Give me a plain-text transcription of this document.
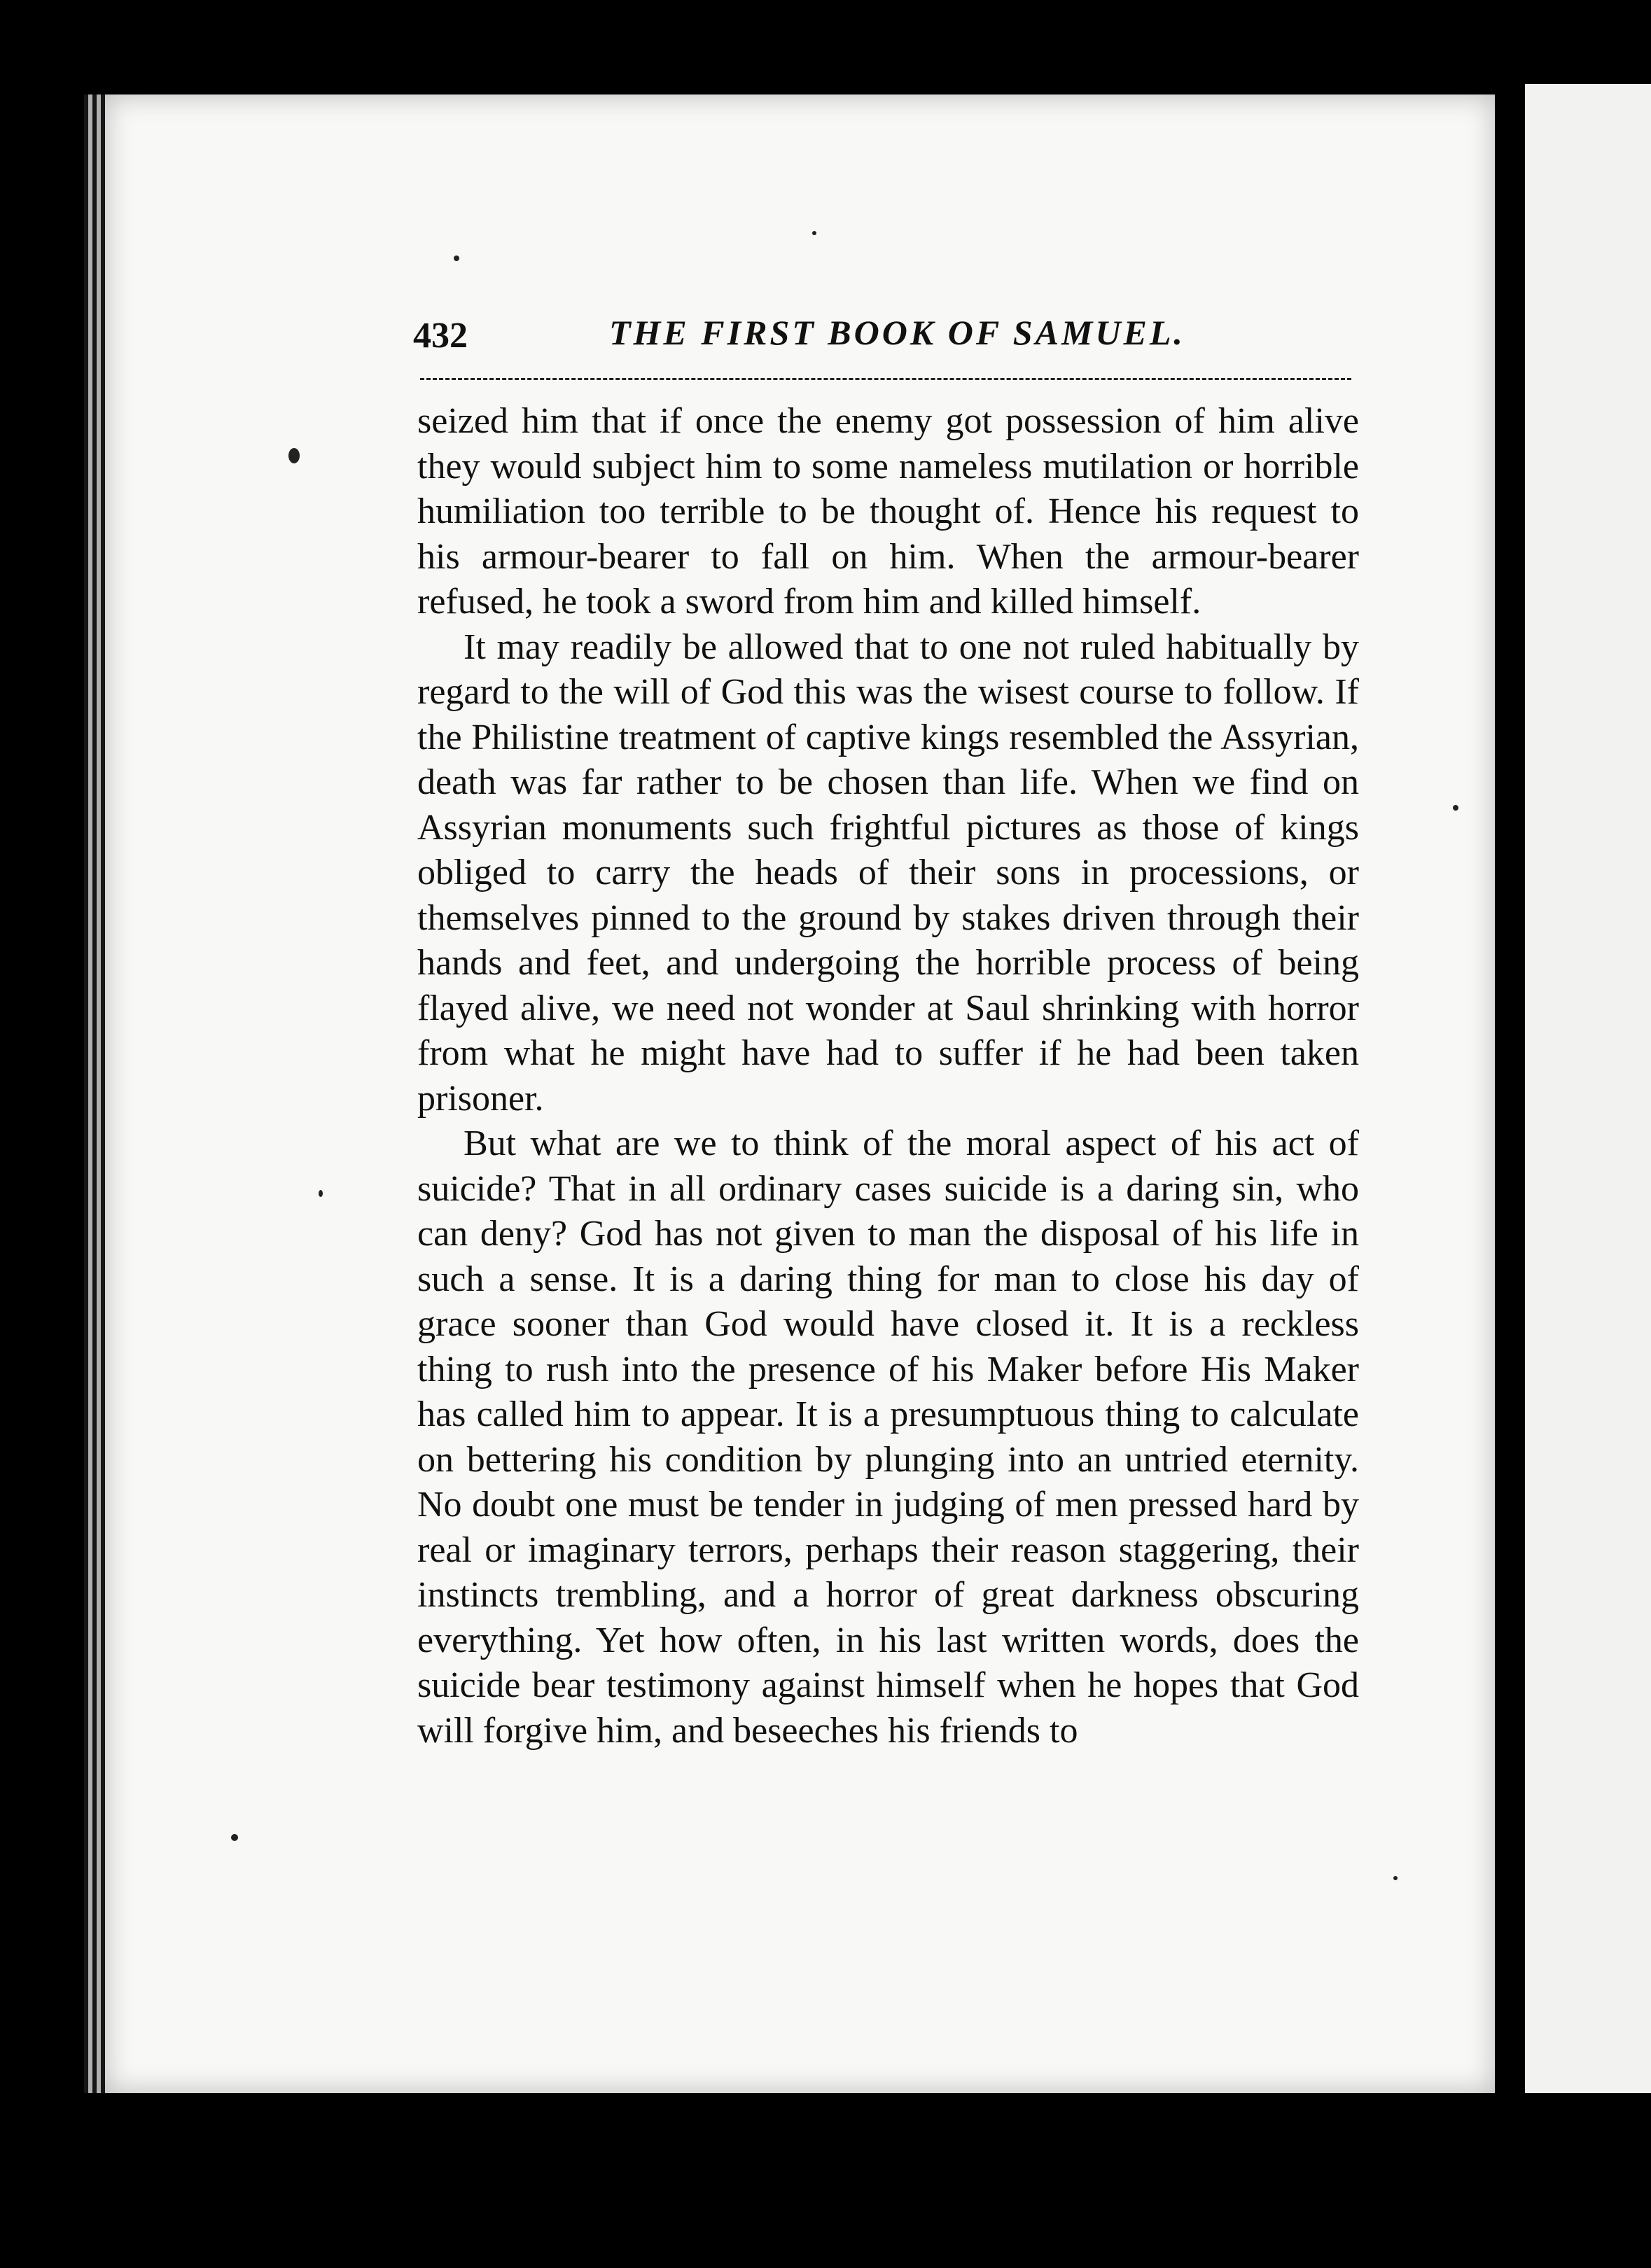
432	THE FIRST BOOK OF SAMUEL.

seized him that if once the enemy got possession of him alive they would subject him to some nameless mutilation or horrible humiliation too terrible to be thought of. Hence his request to his armour-bearer to fall on him. When the armour-bearer refused, he took a sword from him and killed himself.

It may readily be allowed that to one not ruled habitually by regard to the will of God this was the wisest course to follow. If the Philistine treatment of captive kings resembled the Assyrian, death was far rather to be chosen than life. When we find on Assyrian monuments such frightful pictures as those of kings obliged to carry the heads of their sons in processions, or themselves pinned to the ground by stakes driven through their hands and feet, and undergoing the horrible process of being flayed alive, we need not wonder at Saul shrinking with horror from what he might have had to suffer if he had been taken prisoner.

But what are we to think of the moral aspect of his act of suicide? That in all ordinary cases suicide is a daring sin, who can deny? God has not given to man the disposal of his life in such a sense. It is a daring thing for man to close his day of grace sooner than God would have closed it. It is a reckless thing to rush into the presence of his Maker before His Maker has called him to appear. It is a presumptuous thing to calculate on bettering his condition by plunging into an untried eternity. No doubt one must be tender in judging of men pressed hard by real or imaginary terrors, perhaps their reason staggering, their instincts trembling, and a horror of great darkness obscuring everything. Yet how often, in his last written words, does the suicide bear testimony against himself when he hopes that God will forgive him, and beseeches his friends to
